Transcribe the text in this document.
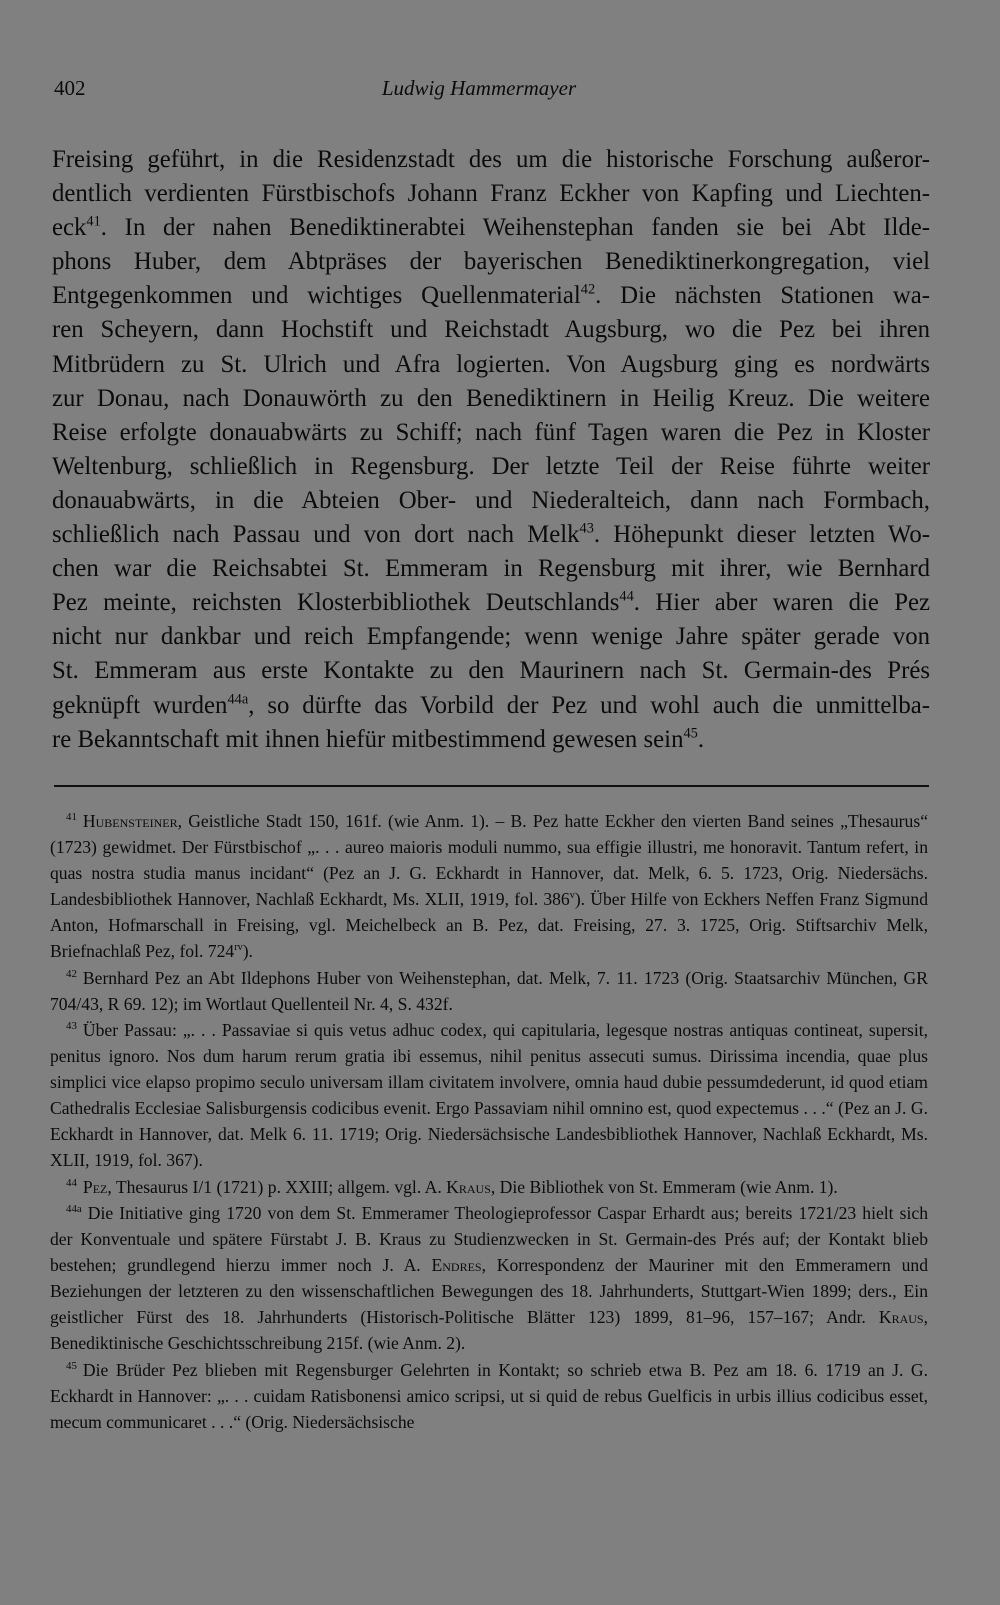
402	Ludwig Hammermayer
Freising geführt, in die Residenzstadt des um die historische Forschung außeror-
dentlich verdienten Fürstbischofs Johann Franz Eckher von Kapfing und Liechten-
eck$^{41}$. In der nahen Benediktinerabtei Weihenstephan fanden sie bei Abt Ilde-
phons Huber, dem Abtpräses der bayerischen Benediktinerkongregation, viel
Entgegenkommen und wichtiges Quellenmaterial$^{42}$. Die nächsten Stationen wa-
ren Scheyern, dann Hochstift und Reichstadt Augsburg, wo die Pez bei ihren
Mitbrüdern zu St. Ulrich und Afra logierten. Von Augsburg ging es nordwärts
zur Donau, nach Donauwörth zu den Benediktinern in Heilig Kreuz. Die weitere
Reise erfolgte donauabwärts zu Schiff; nach fünf Tagen waren die Pez in Kloster
Weltenburg, schließlich in Regensburg. Der letzte Teil der Reise führte weiter
donauabwärts, in die Abteien Ober- und Niederalteich, dann nach Formbach,
schließlich nach Passau und von dort nach Melk$^{43}$. Höhepunkt dieser letzten Wo-
chen war die Reichsabtei St. Emmeram in Regensburg mit ihrer, wie Bernhard
Pez meinte, reichsten Klosterbibliothek Deutschlands$^{44}$. Hier aber waren die Pez
nicht nur dankbar und reich Empfangende; wenn wenige Jahre später gerade von
St. Emmeram aus erste Kontakte zu den Maurinern nach St. Germain-des Prés
geknüpft wurden$^{44a}$, so dürfte das Vorbild der Pez und wohl auch die unmittelba-
re Bekanntschaft mit ihnen hiefür mitbestimmend gewesen sein$^{45}$.

$^{41}$ Hubensteiner, Geistliche Stadt 150, 161f. (wie Anm. 1). – B. Pez hatte Eckher den vierten Band seines „Thesaurus“ (1723) gewidmet. Der Fürstbischof „. . . aureo maioris moduli nummo, sua effigie illustri, me honoravit. Tantum refert, in quas nostra studia manus incidant“ (Pez an J. G. Eckhardt in Hannover, dat. Melk, 6. 5. 1723, Orig. Niedersächs. Landesbibliothek Hannover, Nachlaß Eckhardt, Ms. XLII, 1919, fol. 386$^v$). Über Hilfe von Eckhers Neffen Franz Sigmund Anton, Hofmarschall in Freising, vgl. Meichelbeck an B. Pez, dat. Freising, 27. 3. 1725, Orig. Stiftsarchiv Melk, Briefnachlaß Pez, fol. $724^{rv}$).

$^{42}$ Bernhard Pez an Abt Ildephons Huber von Weihenstephan, dat. Melk, 7. 11. 1723 (Orig. Staatsarchiv München, GR 704/43, R 69. 12); im Wortlaut Quellenteil Nr. 4, S. 432f.

$^{43}$ Über Passau: „. . . Passaviae si quis vetus adhuc codex, qui capitularia, legesque nostras antiquas contineat, supersit, penitus ignoro. Nos dum harum rerum gratia ibi essemus, nihil penitus assecuti sumus. Dirissima incendia, quae plus simplici vice elapso propimo seculo universam illam civitatem involvere, omnia haud dubie pessumdederunt, id quod etiam Cathedralis Ecclesiae Salisburgensis codicibus evenit. Ergo Passaviam nihil omnino est, quod expectemus . . .“ (Pez an J. G. Eckhardt in Hannover, dat. Melk 6. 11. 1719; Orig. Niedersächsische Landesbibliothek Hannover, Nachlaß Eckhardt, Ms. XLII, 1919, fol. 367).

$^{44}$ Pez, Thesaurus I/1 (1721) p. XXIII; allgem. vgl. A. Kraus, Die Bibliothek von St. Emmeram (wie Anm. 1).

$^{44a}$ Die Initiative ging 1720 von dem St. Emmeramer Theologieprofessor Caspar Erhardt aus; bereits 1721/23 hielt sich der Konventuale und spätere Fürstabt J. B. Kraus zu Studienzwecken in St. Germain-des Prés auf; der Kontakt blieb bestehen; grundlegend hierzu immer noch J. A. Endres, Korrespondenz der Mauriner mit den Emmeramern und Beziehungen der letzteren zu den wissenschaftlichen Bewegungen des 18. Jahrhunderts, Stuttgart-Wien 1899; ders., Ein geistlicher Fürst des 18. Jahrhunderts (Historisch-Politische Blätter 123) 1899, 81–96, 157–167; Andr. Kraus, Benediktinische Geschichtsschreibung 215f. (wie Anm. 2).

$^{45}$ Die Brüder Pez blieben mit Regensburger Gelehrten in Kontakt; so schrieb etwa B. Pez am 18. 6. 1719 an J. G. Eckhardt in Hannover: „. . . cuidam Ratisbonensi amico scripsi, ut si quid de rebus Guelficis in urbis illius codicibus esset, mecum communicaret . . .“ (Orig. Niedersächsische
